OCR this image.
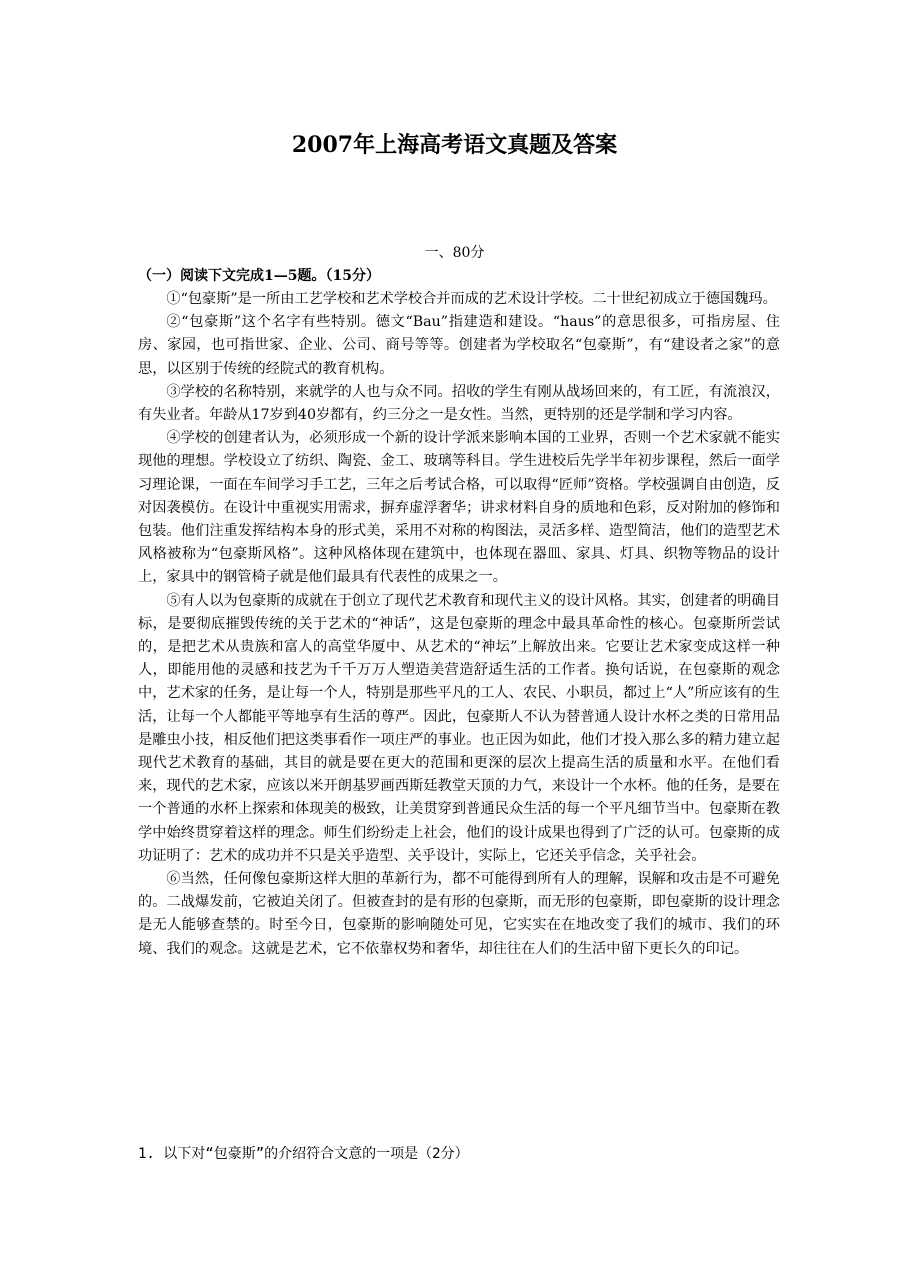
2007年上海高考语文真题及答案
一、80分
（一）阅读下文完成1—5题。（15分）

①“包豪斯”是一所由工艺学校和艺术学校合并而成的艺术设计学校。二十世纪初成立于德国魏玛。

②“包豪斯”这个名字有些特别。德文“Bau”指建造和建设。“haus”的意思很多，可指房屋、住房、家园，也可指世家、企业、公司、商号等等。创建者为学校取名“包豪斯”，有“建设者之家”的意思，以区别于传统的经院式的教育机构。

③学校的名称特别，来就学的人也与众不同。招收的学生有刚从战场回来的，有工匠，有流浪汉，有失业者。年龄从17岁到40岁都有，约三分之一是女性。当然，更特别的还是学制和学习内容。

④学校的创建者认为，必须形成一个新的设计学派来影响本国的工业界，否则一个艺术家就不能实现他的理想。学校设立了纺织、陶瓷、金工、玻璃等科目。学生进校后先学半年初步课程，然后一面学习理论课，一面在车间学习手工艺，三年之后考试合格，可以取得“匠师”资格。学校强调自由创造，反对因袭模仿。在设计中重视实用需求，摒弃虚浮奢华；讲求材料自身的质地和色彩，反对附加的修饰和包装。他们注重发挥结构本身的形式美，采用不对称的构图法，灵活多样、造型简洁，他们的造型艺术风格被称为“包豪斯风格”。这种风格体现在建筑中，也体现在器皿、家具、灯具、织物等物品的设计上，家具中的钢管椅子就是他们最具有代表性的成果之一。

⑤有人以为包豪斯的成就在于创立了现代艺术教育和现代主义的设计风格。其实，创建者的明确目标，是要彻底摧毁传统的关于艺术的“神话”，这是包豪斯的理念中最具革命性的核心。包豪斯所尝试的，是把艺术从贵族和富人的高堂华厦中、从艺术的“神坛”上解放出来。它要让艺术家变成这样一种人，即能用他的灵感和技艺为千千万万人塑造美营造舒适生活的工作者。换句话说，在包豪斯的观念中，艺术家的任务，是让每一个人，特别是那些平凡的工人、农民、小职员，都过上“人”所应该有的生活，让每一个人都能平等地享有生活的尊严。因此，包豪斯人不认为替普通人设计水杯之类的日常用品是雕虫小技，相反他们把这类事看作一项庄严的事业。也正因为如此，他们才投入那么多的精力建立起现代艺术教育的基础，其目的就是要在更大的范围和更深的层次上提高生活的质量和水平。在他们看来，现代的艺术家，应该以米开朗基罗画西斯廷教堂天顶的力气，来设计一个水杯。他的任务，是要在一个普通的水杯上探索和体现美的极致，让美贯穿到普通民众生活的每一个平凡细节当中。包豪斯在教学中始终贯穿着这样的理念。师生们纷纷走上社会，他们的设计成果也得到了广泛的认可。包豪斯的成功证明了：艺术的成功并不只是关乎造型、关乎设计，实际上，它还关乎信念，关乎社会。

⑥当然，任何像包豪斯这样大胆的革新行为，都不可能得到所有人的理解，误解和攻击是不可避免的。二战爆发前，它被迫关闭了。但被查封的是有形的包豪斯，而无形的包豪斯，即包豪斯的设计理念是无人能够查禁的。时至今日，包豪斯的影响随处可见，它实实在在地改变了我们的城市、我们的环境、我们的观念。这就是艺术，它不依靠权势和奢华，却往往在人们的生活中留下更长久的印记。

1. 以下对“包豪斯”的介绍符合文意的一项是（2分）
